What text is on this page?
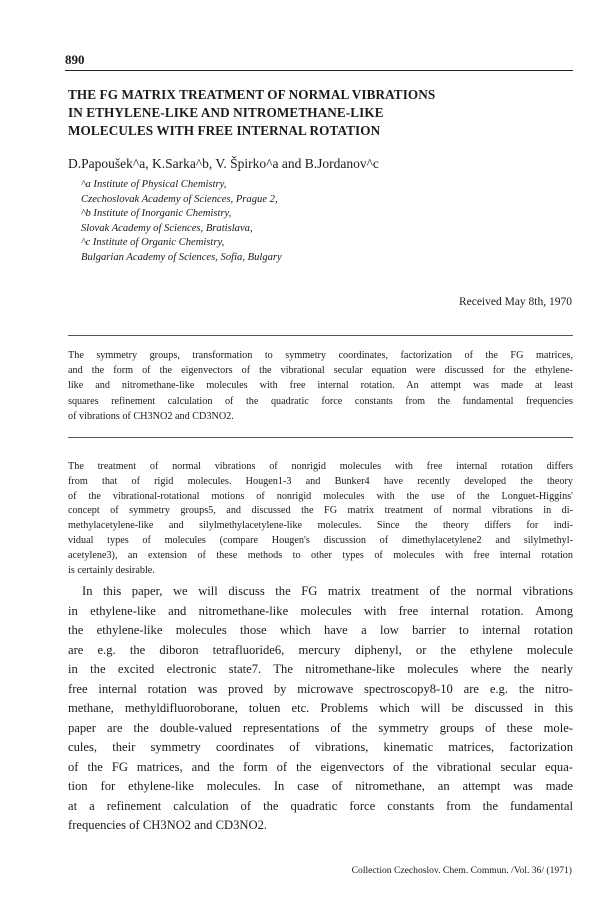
890
THE FG MATRIX TREATMENT OF NORMAL VIBRATIONS
IN ETHYLENE-LIKE AND NITROMETHANE-LIKE
MOLECULES WITH FREE INTERNAL ROTATION
D.Papoušek^a, K.Sarka^b, V. Špirko^a and B.Jordanov^c
^a Institute of Physical Chemistry,
Czechoslovak Academy of Sciences, Prague 2,
^b Institute of Inorganic Chemistry,
Slovak Academy of Sciences, Bratislava,
^c Institute of Organic Chemistry,
Bulgarian Academy of Sciences, Sofia, Bulgary
Received May 8th, 1970
The symmetry groups, transformation to symmetry coordinates, factorization of the FG matrices,
and the form of the eigenvectors of the vibrational secular equation were discussed for the ethylene-
like and nitromethane-like molecules with free internal rotation. An attempt was made at least
squares refinement calculation of the quadratic force constants from the fundamental frequencies
of vibrations of CH3NO2 and CD3NO2.
The treatment of normal vibrations of nonrigid molecules with free internal rotation differs
from that of rigid molecules. Hougen1-3 and Bunker4 have recently developed the theory
of the vibrational-rotational motions of nonrigid molecules with the use of the Longuet-Higgins'
concept of symmetry groups5, and discussed the FG matrix treatment of normal vibrations in di-
methylacetylene-like and silylmethylacetylene-like molecules. Since the theory differs for indi-
vidual types of molecules (compare Hougen's discussion of dimethylacetylene2 and silylmethyl-
acetylene3), an extension of these methods to other types of molecules with free internal rotation
is certainly desirable.
In this paper, we will discuss the FG matrix treatment of the normal vibrations
in ethylene-like and nitromethane-like molecules with free internal rotation. Among
the ethylene-like molecules those which have a low barrier to internal rotation
are e.g. the diboron tetrafluoride6, mercury diphenyl, or the ethylene molecule
in the excited electronic state7. The nitromethane-like molecules where the nearly
free internal rotation was proved by microwave spectroscopy8-10 are e.g. the nitro-
methane, methyldifluoroborane, toluen etc. Problems which will be discussed in this
paper are the double-valued representations of the symmetry groups of these mole-
cules, their symmetry coordinates of vibrations, kinematic matrices, factorization
of the FG matrices, and the form of the eigenvectors of the vibrational secular equa-
tion for ethylene-like molecules. In case of nitromethane, an attempt was made
at a refinement calculation of the quadratic force constants from the fundamental
frequencies of CH3NO2 and CD3NO2.
Collection Czechoslov. Chem. Commun. /Vol. 36/ (1971)
